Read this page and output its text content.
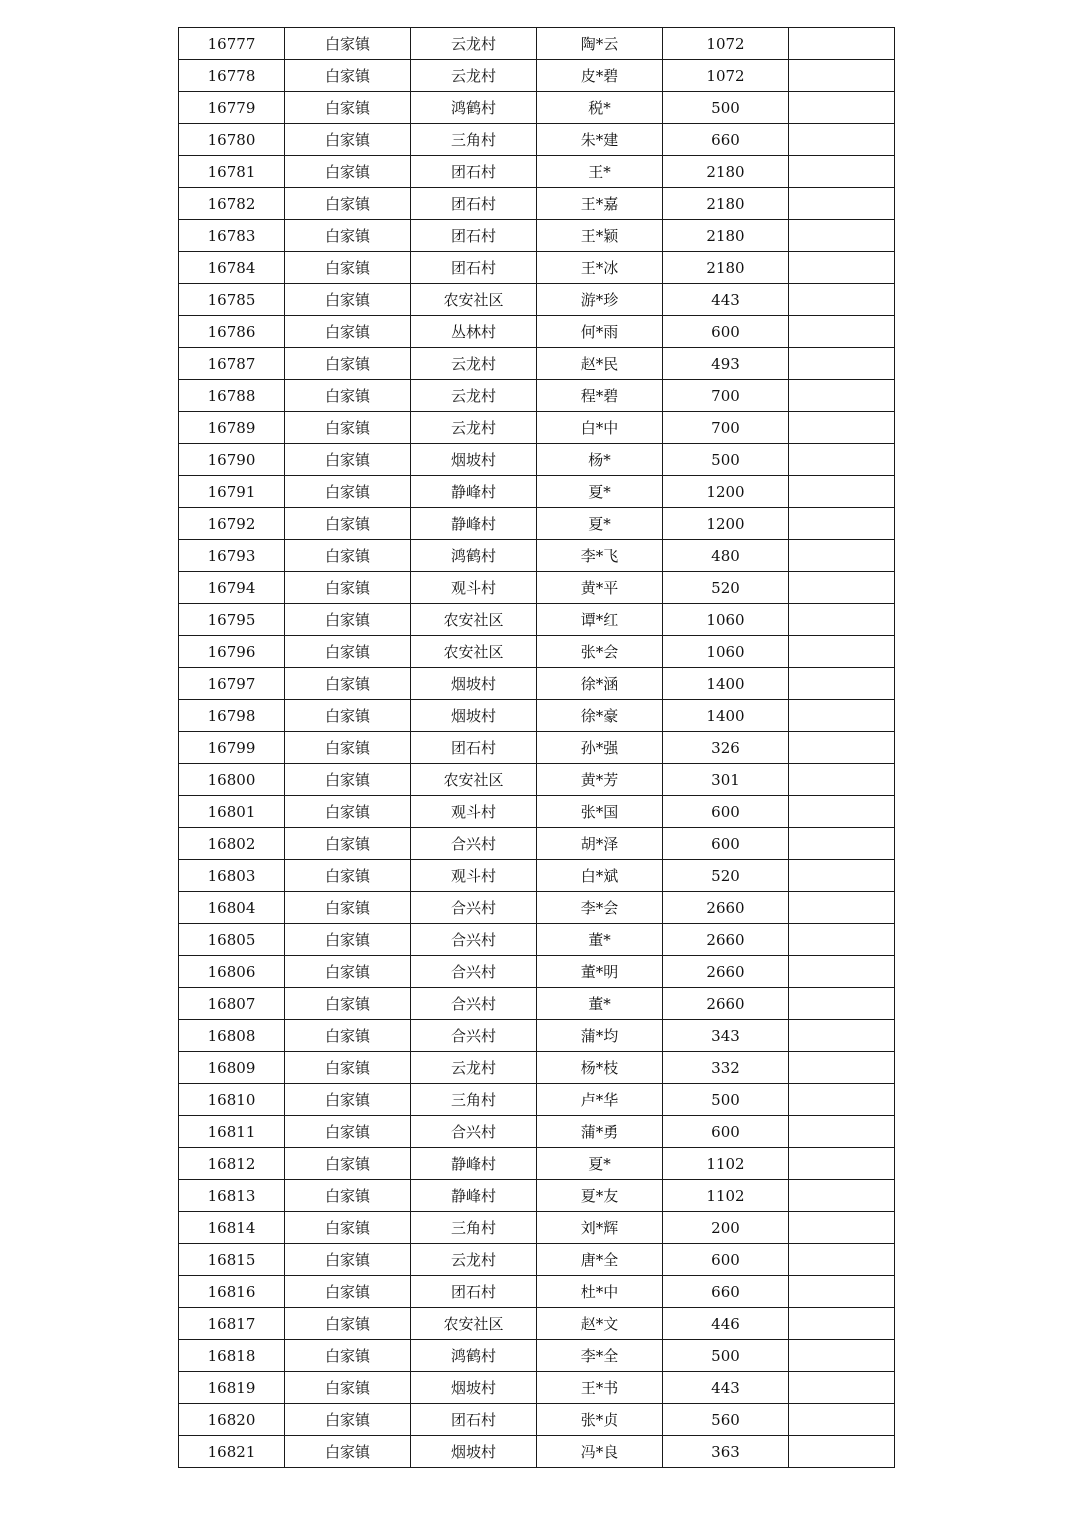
16777	白家镇	云龙村	陶*云	1072	
16778	白家镇	云龙村	皮*碧	1072	
16779	白家镇	鸿鹤村	税*	500	
16780	白家镇	三角村	朱*建	660	
16781	白家镇	团石村	王*	2180	
16782	白家镇	团石村	王*嘉	2180	
16783	白家镇	团石村	王*颖	2180	
16784	白家镇	团石村	王*冰	2180	
16785	白家镇	农安社区	游*珍	443	
16786	白家镇	丛林村	何*雨	600	
16787	白家镇	云龙村	赵*民	493	
16788	白家镇	云龙村	程*碧	700	
16789	白家镇	云龙村	白*中	700	
16790	白家镇	烟坡村	杨*	500	
16791	白家镇	静峰村	夏*	1200	
16792	白家镇	静峰村	夏*	1200	
16793	白家镇	鸿鹤村	李*飞	480	
16794	白家镇	观斗村	黄*平	520	
16795	白家镇	农安社区	谭*红	1060	
16796	白家镇	农安社区	张*会	1060	
16797	白家镇	烟坡村	徐*涵	1400	
16798	白家镇	烟坡村	徐*豪	1400	
16799	白家镇	团石村	孙*强	326	
16800	白家镇	农安社区	黄*芳	301	
16801	白家镇	观斗村	张*国	600	
16802	白家镇	合兴村	胡*泽	600	
16803	白家镇	观斗村	白*斌	520	
16804	白家镇	合兴村	李*会	2660	
16805	白家镇	合兴村	董*	2660	
16806	白家镇	合兴村	董*明	2660	
16807	白家镇	合兴村	董*	2660	
16808	白家镇	合兴村	蒲*均	343	
16809	白家镇	云龙村	杨*枝	332	
16810	白家镇	三角村	卢*华	500	
16811	白家镇	合兴村	蒲*勇	600	
16812	白家镇	静峰村	夏*	1102	
16813	白家镇	静峰村	夏*友	1102	
16814	白家镇	三角村	刘*辉	200	
16815	白家镇	云龙村	唐*全	600	
16816	白家镇	团石村	杜*中	660	
16817	白家镇	农安社区	赵*文	446	
16818	白家镇	鸿鹤村	李*全	500	
16819	白家镇	烟坡村	王*书	443	
16820	白家镇	团石村	张*贞	560	
16821	白家镇	烟坡村	冯*良	363	
